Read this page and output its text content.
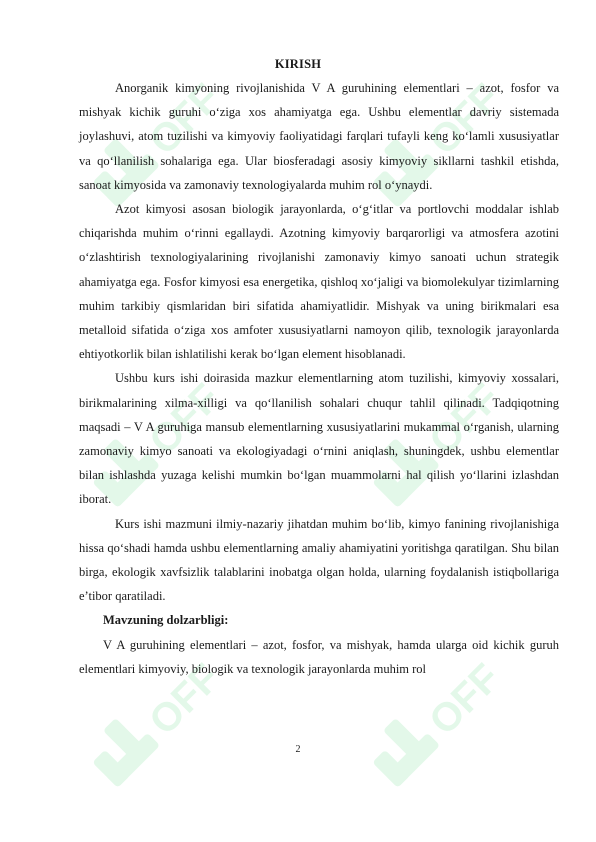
OFF	OFF
OFF	OFF
OFF	OFF
KIRISH

Anorganik kimyoning rivojlanishida V A guruhining elementlari – azot, fosfor va mishyak kichik guruhi o‘ziga xos ahamiyatga ega. Ushbu elementlar davriy sistemada joylashuvi, atom tuzilishi va kimyoviy faoliyatidagi farqlari tufayli keng ko‘lamli xususiyatlar va qo‘llanilish sohalariga ega. Ular biosferadagi asosiy kimyoviy sikllarni tashkil etishda, sanoat kimyosida va zamonaviy texnologiyalarda muhim rol o‘ynaydi.

Azot kimyosi asosan biologik jarayonlarda, o‘g‘itlar va portlovchi moddalar ishlab chiqarishda muhim o‘rinni egallaydi. Azotning kimyoviy barqarorligi va atmosfera azotini o‘zlashtirish texnologiyalarining rivojlanishi zamonaviy kimyo sanoati uchun strategik ahamiyatga ega. Fosfor kimyosi esa energetika, qishloq xo‘jaligi va biomolekulyar tizimlarning muhim tarkibiy qismlaridan biri sifatida ahamiyatlidir. Mishyak va uning birikmalari esa metalloid sifatida o‘ziga xos amfoter xususiyatlarni namoyon qilib, texnologik jarayonlarda ehtiyotkorlik bilan ishlatilishi kerak bo‘lgan element hisoblanadi.

Ushbu kurs ishi doirasida mazkur elementlarning atom tuzilishi, kimyoviy xossalari, birikmalarining xilma-xilligi va qo‘llanilish sohalari chuqur tahlil qilinadi. Tadqiqotning maqsadi – V A guruhiga mansub elementlarning xususiyatlarini mukammal o‘rganish, ularning zamonaviy kimyo sanoati va ekologiyadagi o‘rnini aniqlash, shuningdek, ushbu elementlar bilan ishlashda yuzaga kelishi mumkin bo‘lgan muammolarni hal qilish yo‘llarini izlashdan iborat.

Kurs ishi mazmuni ilmiy-nazariy jihatdan muhim bo‘lib, kimyo fanining rivojlanishiga hissa qo‘shadi hamda ushbu elementlarning amaliy ahamiyatini yoritishga qaratilgan. Shu bilan birga, ekologik xavfsizlik talablarini inobatga olgan holda, ularning foydalanish istiqbollariga e’tibor qaratiladi.

Mavzuning dolzarbligi:

V A guruhining elementlari – azot, fosfor, va mishyak, hamda ularga oid kichik guruh elementlari kimyoviy, biologik va texnologik jarayonlarda muhim rol

2
